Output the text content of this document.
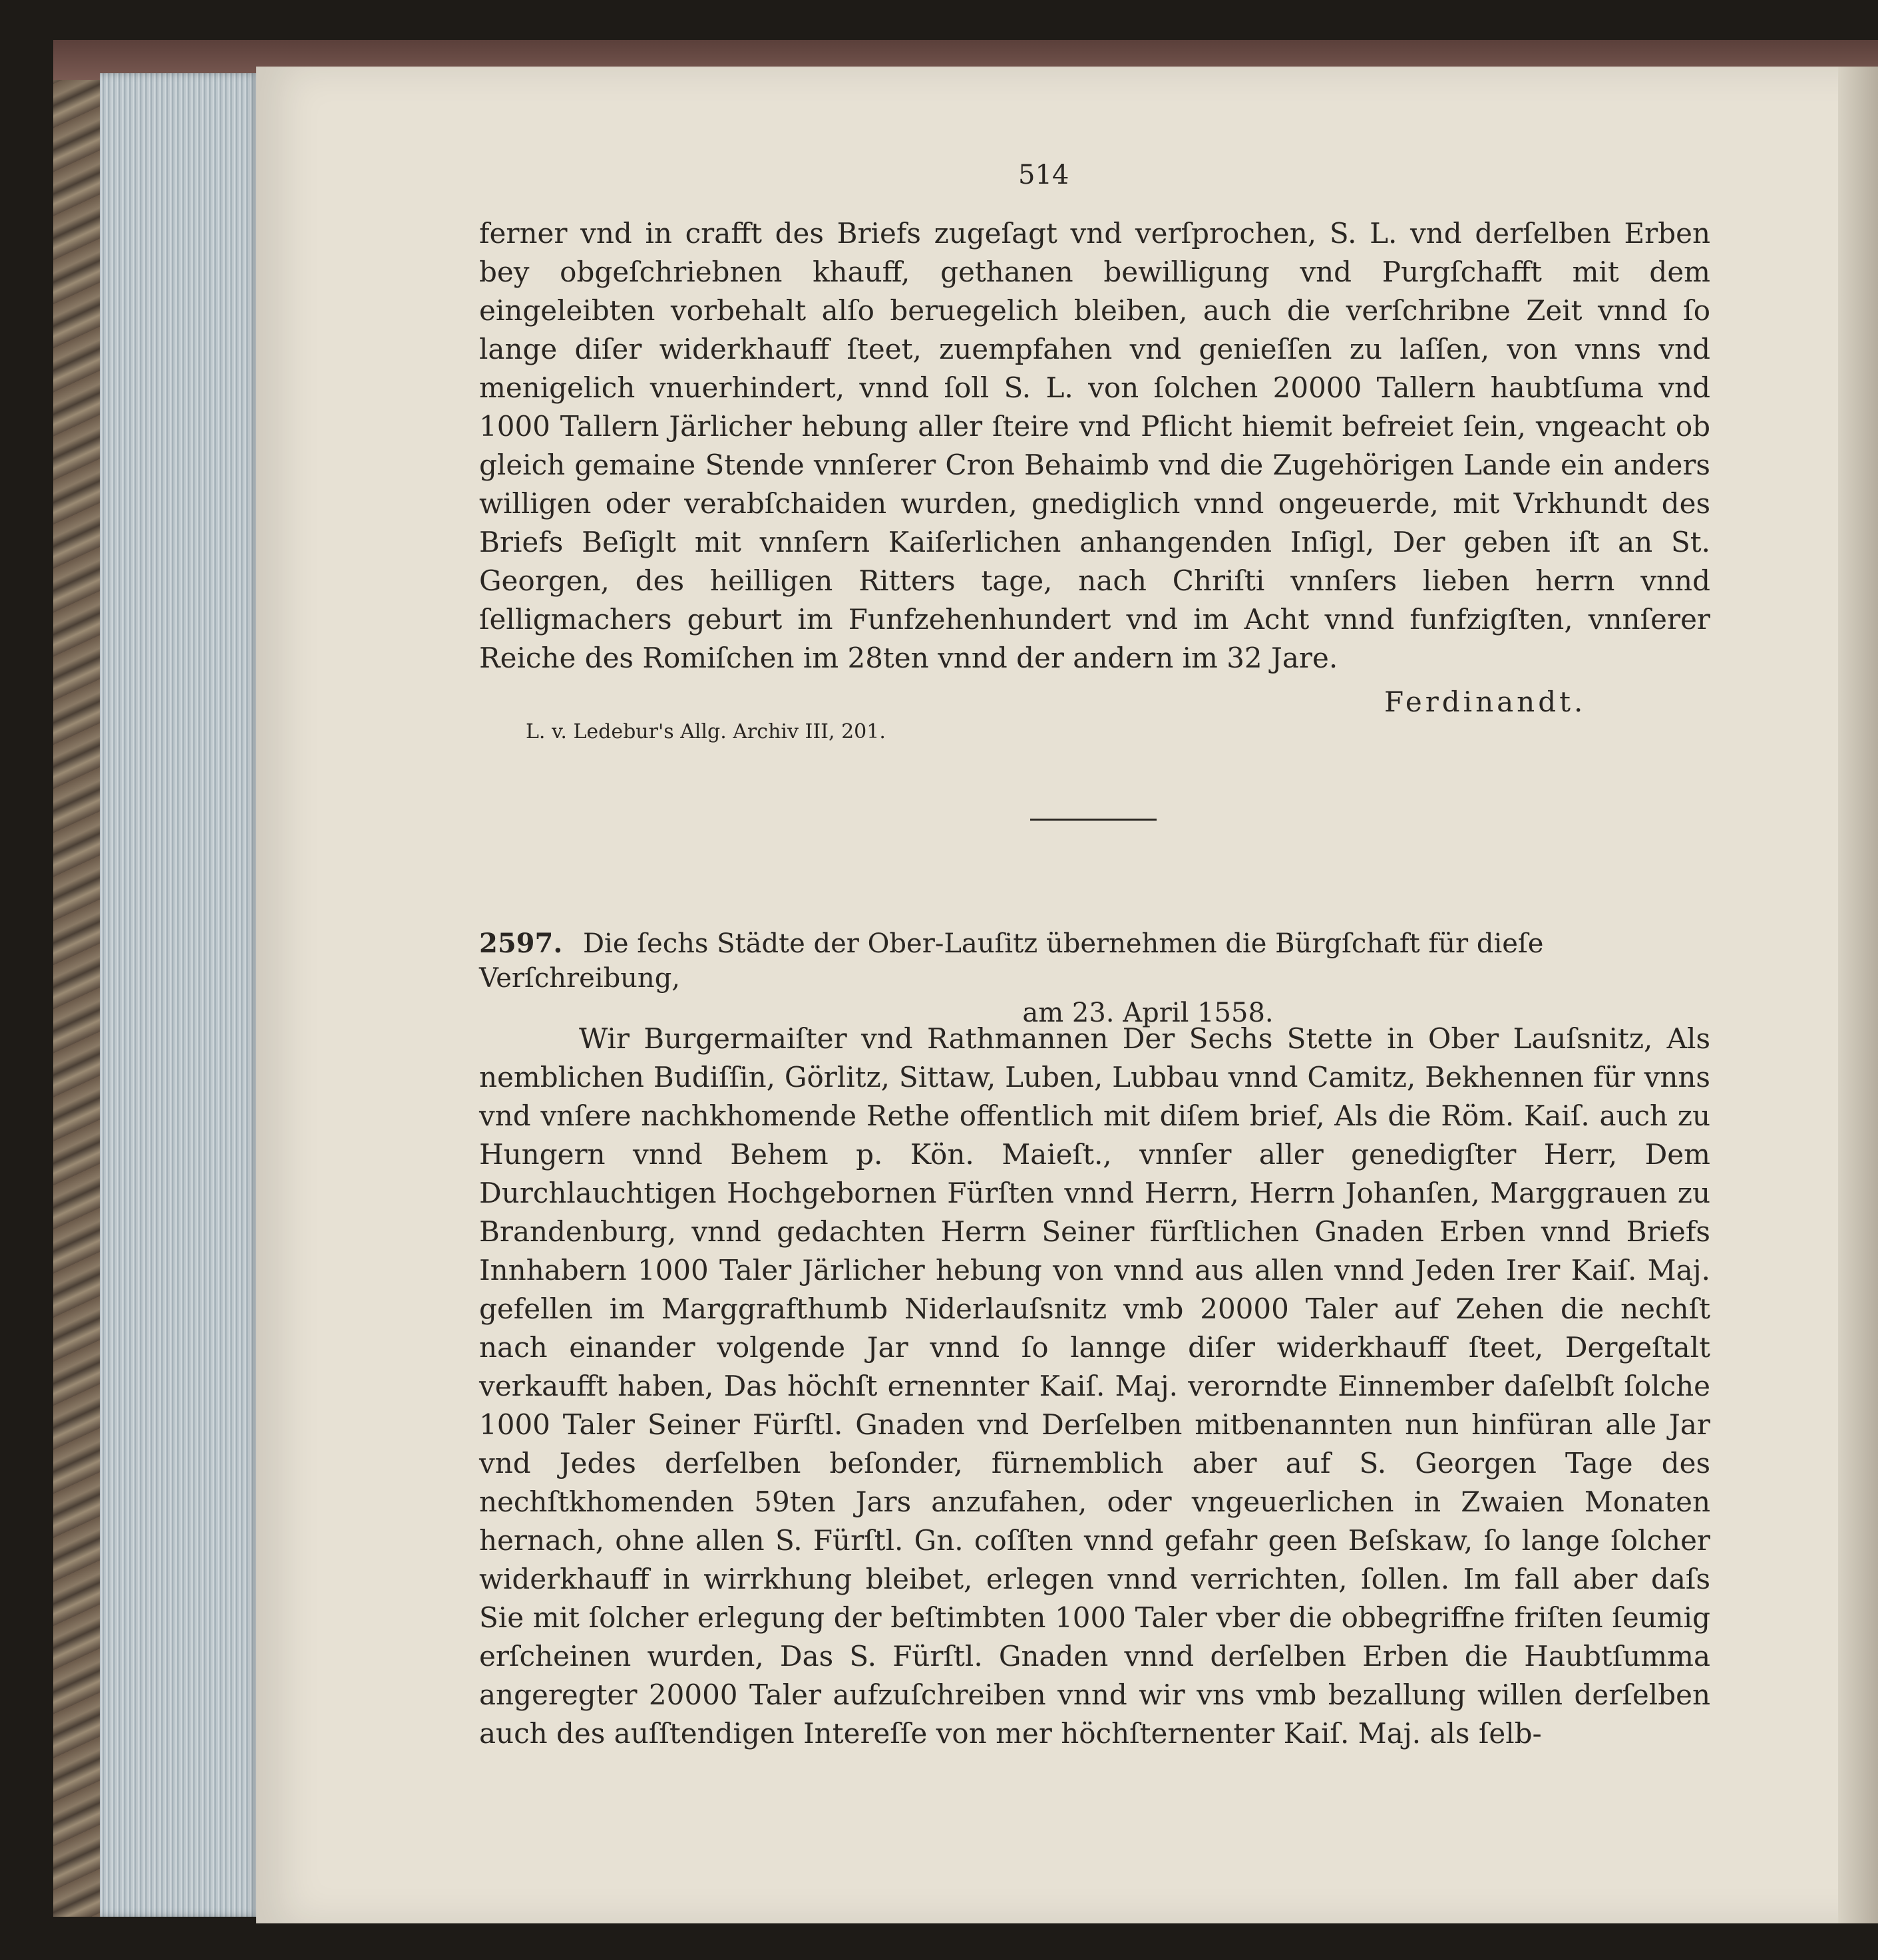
514
ferner vnd in crafft des Briefs zugeſagt vnd verſprochen, S. L. vnd derſelben Erben bey obgeſchriebnen khauff, gethanen bewilligung vnd Purgſchafft mit dem eingeleibten vorbehalt alſo beruegelich bleiben, auch die verſchribne Zeit vnnd ſo lange diſer widerkhauff ſteet, zuempfahen vnd genieſſen zu laſſen, von vnns vnd menigelich vnuerhindert, vnnd ſoll S. L. von ſolchen 20000 Tallern haubtſuma vnd 1000 Tallern Järlicher hebung aller ſteire vnd Pflicht hiemit befreiet ſein, vngeacht ob gleich gemaine Stende vnnſerer Cron Behaimb vnd die Zugehörigen Lande ein anders willigen oder verabſchaiden wurden, gnediglich vnnd ongeuerde, mit Vrkhundt des Briefs Beſiglt mit vnnſern Kaiſerlichen anhangenden Inſigl, Der geben iſt an St. Georgen, des heilligen Ritters tage, nach Chriſti vnnſers lieben herrn vnnd ſelligmachers geburt im Funfzehenhundert vnd im Acht vnnd funfzigſten, vnnſerer Reiche des Romiſchen im 28ten vnnd der andern im 32 Jare.
Ferdinandt.
L. v. Ledebur's Allg. Archiv III, 201.
2597. Die ſechs Städte der Ober-Lauſitz übernehmen die Bürgſchaft für dieſe Verſchreibung,
am 23. April 1558.
Wir Burgermaiſter vnd Rathmannen Der Sechs Stette in Ober Lauſsnitz, Als nemblichen Budiſſin, Görlitz, Sittaw, Luben, Lubbau vnnd Camitz, Bekhennen für vnns vnd vnſere nachkhomende Rethe offentlich mit diſem brief, Als die Röm. Kaiſ. auch zu Hungern vnnd Behem p. Kön. Maieſt., vnnſer aller genedigſter Herr, Dem Durchlauchtigen Hochgebornen Fürſten vnnd Herrn, Herrn Johanſen, Marggrauen zu Brandenburg, vnnd gedachten Herrn Seiner fürſtlichen Gnaden Erben vnnd Briefs Innhabern 1000 Taler Järlicher hebung von vnnd aus allen vnnd Jeden Irer Kaiſ. Maj. gefellen im Marggrafthumb Niderlauſsnitz vmb 20000 Taler auf Zehen die nechſt nach einander volgende Jar vnnd ſo lannge diſer widerkhauff ſteet, Dergeſtalt verkaufft haben, Das höchſt ernennter Kaiſ. Maj. verorndte Einnember daſelbſt ſolche 1000 Taler Seiner Fürſtl. Gnaden vnd Derſelben mitbenannten nun hinfüran alle Jar vnd Jedes derſelben beſonder, fürnemblich aber auf S. Georgen Tage des nechſtkhomenden 59ten Jars anzufahen, oder vngeuerlichen in Zwaien Monaten hernach, ohne allen S. Fürſtl. Gn. coſſten vnnd gefahr geen Beſskaw, ſo lange ſolcher widerkhauff in wirrkhung bleibet, erlegen vnnd verrichten, ſollen. Im fall aber daſs Sie mit ſolcher erlegung der beſtimbten 1000 Taler vber die obbegriffne friſten ſeumig erſcheinen wurden, Das S. Fürſtl. Gnaden vnnd derſelben Erben die Haubtſumma angeregter 20000 Taler aufzuſchreiben vnnd wir vns vmb bezallung willen derſelben auch des auſſtendigen Intereſſe von mer höchſternenter Kaiſ. Maj. als ſelb-
